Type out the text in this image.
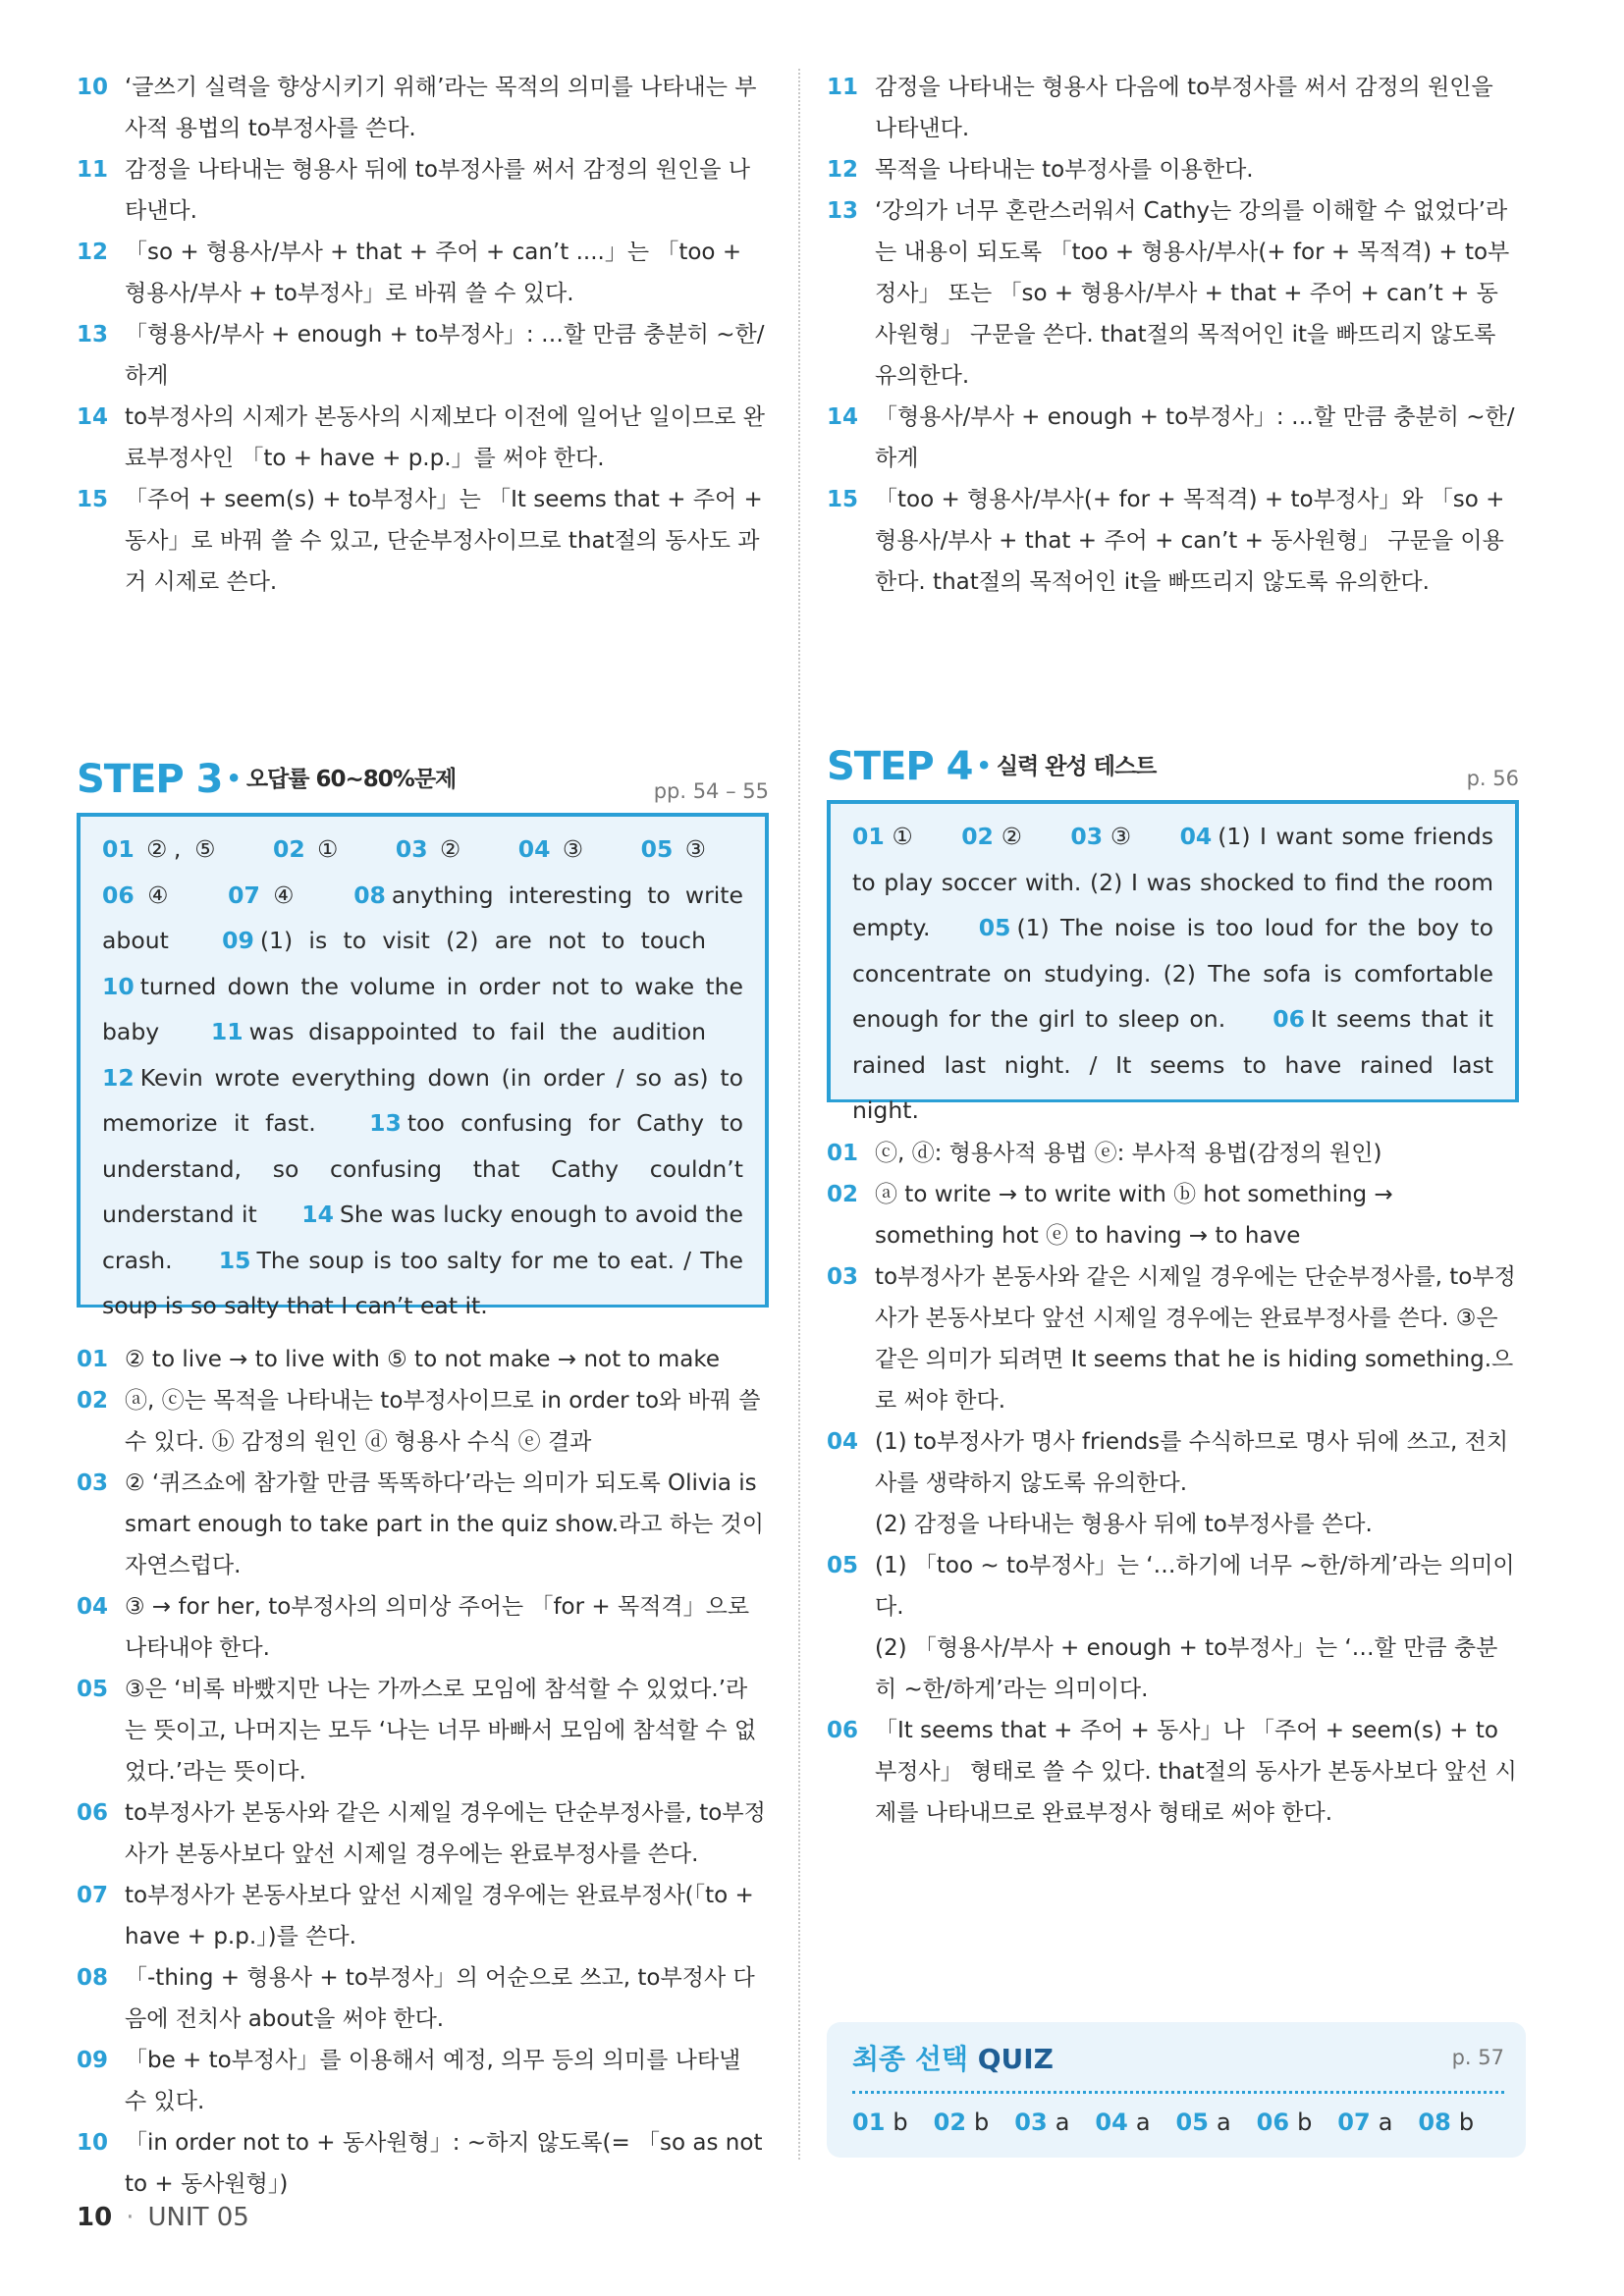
10 ‘글쓰기 실력을 향상시키기 위해’라는 목적의 의미를 나타내는 부사적 용법의 to부정사를 쓴다.
11 감정을 나타내는 형용사 뒤에 to부정사를 써서 감정의 원인을 나타낸다.
12 「so + 형용사/부사 + that + 주어 + can’t ....」는 「too + 형용사/부사 + to부정사」로 바꿔 쓸 수 있다.
13 「형용사/부사 + enough + to부정사」: …할 만큼 충분히 ~한/하게
14 to부정사의 시제가 본동사의 시제보다 이전에 일어난 일이므로 완료부정사인 「to + have + p.p.」를 써야 한다.
15 「주어 + seem(s) + to부정사」는 「It seems that + 주어 + 동사」로 바꿔 쓸 수 있고, 단순부정사이므로 that절의 동사도 과거 시제로 쓴다.
11 감정을 나타내는 형용사 다음에 to부정사를 써서 감정의 원인을 나타낸다.
12 목적을 나타내는 to부정사를 이용한다.
13 ‘강의가 너무 혼란스러워서 Cathy는 강의를 이해할 수 없었다’라는 내용이 되도록 「too + 형용사/부사(+ for + 목적격) + to부정사」 또는 「so + 형용사/부사 + that + 주어 + can’t + 동사원형」 구문을 쓴다. that절의 목적어인 it을 빠뜨리지 않도록 유의한다.
14 「형용사/부사 + enough + to부정사」: …할 만큼 충분히 ~한/하게
15 「too + 형용사/부사(+ for + 목적격) + to부정사」와 「so + 형용사/부사 + that + 주어 + can’t + 동사원형」 구문을 이용한다. that절의 목적어인 it을 빠뜨리지 않도록 유의한다.
STEP 3 • 오답률 60~80%문제	pp. 54 – 55
01 ②, ⑤ 02 ① 03 ② 04 ③ 05 ③ 06 ④ 07 ④ 08 anything interesting to write about 09 (1) is to visit (2) are not to touch 10 turned down the volume in order not to wake the baby 11 was disappointed to fail the audition 12 Kevin wrote everything down (in order / so as) to memorize it fast. 13 too confusing for Cathy to understand, so confusing that Cathy couldn’t understand it 14 She was lucky enough to avoid the crash. 15 The soup is too salty for me to eat. / The soup is so salty that I can’t eat it.
01 ② to live → to live with ⑤ to not make → not to make
02 ⓐ, ⓒ는 목적을 나타내는 to부정사이므로 in order to와 바꿔 쓸 수 있다. ⓑ 감정의 원인 ⓓ 형용사 수식 ⓔ 결과
03 ② ‘퀴즈쇼에 참가할 만큼 똑똑하다’라는 의미가 되도록 Olivia is smart enough to take part in the quiz show.라고 하는 것이 자연스럽다.
04 ③ → for her, to부정사의 의미상 주어는 「for + 목적격」으로 나타내야 한다.
05 ③은 ‘비록 바빴지만 나는 가까스로 모임에 참석할 수 있었다.’라는 뜻이고, 나머지는 모두 ‘나는 너무 바빠서 모임에 참석할 수 없었다.’라는 뜻이다.
06 to부정사가 본동사와 같은 시제일 경우에는 단순부정사를, to부정사가 본동사보다 앞선 시제일 경우에는 완료부정사를 쓴다.
07 to부정사가 본동사보다 앞선 시제일 경우에는 완료부정사(「to + have + p.p.」)를 쓴다.
08 「-thing + 형용사 + to부정사」의 어순으로 쓰고, to부정사 다음에 전치사 about을 써야 한다.
09 「be + to부정사」를 이용해서 예정, 의무 등의 의미를 나타낼 수 있다.
10 「in order not to + 동사원형」: ~하지 않도록(= 「so as not to + 동사원형」)
STEP 4 • 실력 완성 테스트	p. 56
01 ① 02 ② 03 ③ 04 (1) I want some friends to play soccer with. (2) I was shocked to find the room empty. 05 (1) The noise is too loud for the boy to concentrate on studying. (2) The sofa is comfortable enough for the girl to sleep on. 06 It seems that it rained last night. / It seems to have rained last night.
01 ⓒ, ⓓ: 형용사적 용법 ⓔ: 부사적 용법(감정의 원인)
02 ⓐ to write → to write with ⓑ hot something → something hot ⓔ to having → to have
03 to부정사가 본동사와 같은 시제일 경우에는 단순부정사를, to부정사가 본동사보다 앞선 시제일 경우에는 완료부정사를 쓴다. ③은 같은 의미가 되려면 It seems that he is hiding something.으로 써야 한다.
04 (1) to부정사가 명사 friends를 수식하므로 명사 뒤에 쓰고, 전치사를 생략하지 않도록 유의한다.
(2) 감정을 나타내는 형용사 뒤에 to부정사를 쓴다.
05 (1) 「too ~ to부정사」는 ‘…하기에 너무 ~한/하게’라는 의미이다.
(2) 「형용사/부사 + enough + to부정사」는 ‘…할 만큼 충분히 ~한/하게’라는 의미이다.
06 「It seems that + 주어 + 동사」나 「주어 + seem(s) + to부정사」 형태로 쓸 수 있다. that절의 동사가 본동사보다 앞선 시제를 나타내므로 완료부정사 형태로 써야 한다.
최종 선택 QUIZ	p. 57
01 b 02 b 03 a 04 a 05 a 06 b 07 a 08 b
10 · UNIT 05
